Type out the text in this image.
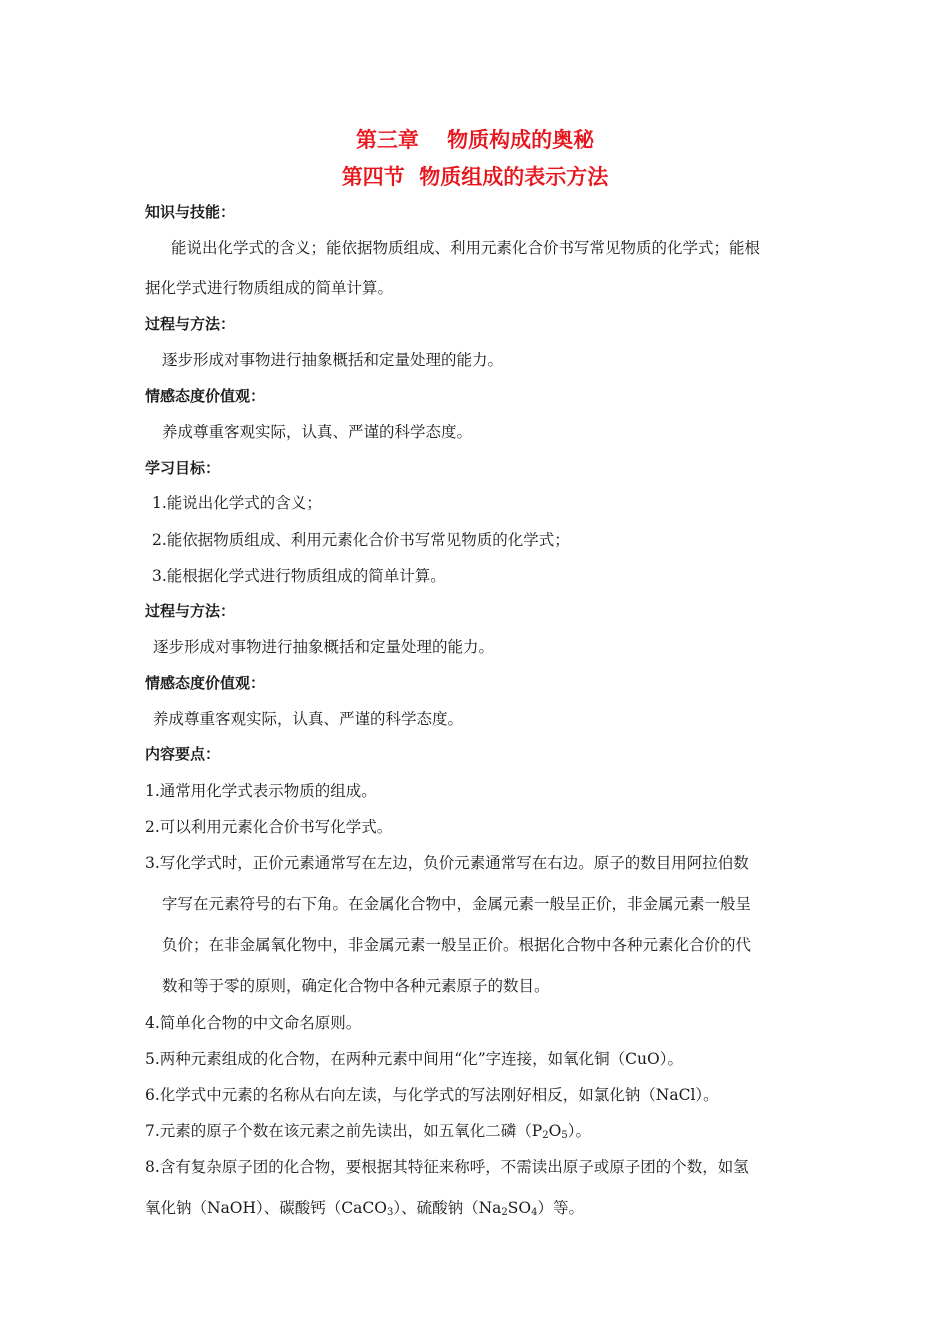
第三章　 物质构成的奥秘
第四节  物质组成的表示方法
知识与技能：
能说出化学式的含义；能依据物质组成、利用元素化合价书写常见物质的化学式；能根
据化学式进行物质组成的简单计算。
过程与方法：
逐步形成对事物进行抽象概括和定量处理的能力。
情感态度价值观：
养成尊重客观实际，认真、严谨的科学态度。
学习目标：
1.能说出化学式的含义；
2.能依据物质组成、利用元素化合价书写常见物质的化学式；
3.能根据化学式进行物质组成的简单计算。
过程与方法：
逐步形成对事物进行抽象概括和定量处理的能力。
情感态度价值观：
养成尊重客观实际，认真、严谨的科学态度。
内容要点：
1.通常用化学式表示物质的组成。
2.可以利用元素化合价书写化学式。
3.写化学式时，正价元素通常写在左边，负价元素通常写在右边。原子的数目用阿拉伯数
字写在元素符号的右下角。在金属化合物中，金属元素一般呈正价，非金属元素一般呈
负价；在非金属氧化物中，非金属元素一般呈正价。根据化合物中各种元素化合价的代
数和等于零的原则，确定化合物中各种元素原子的数目。
4.简单化合物的中文命名原则。
5.两种元素组成的化合物，在两种元素中间用“化”字连接，如氧化铜（CuO）。
6.化学式中元素的名称从右向左读，与化学式的写法刚好相反，如氯化钠（NaCl）。
7.元素的原子个数在该元素之前先读出，如五氧化二磷$(P_2O_5)$。
8.含有复杂原子团的化合物，要根据其特征来称呼，不需读出原子或原子团的个数，如氢
氧化钠（NaOH）、碳酸钙（CaCO$_3$）、硫酸钠$(Na_2SO_4)$等。
